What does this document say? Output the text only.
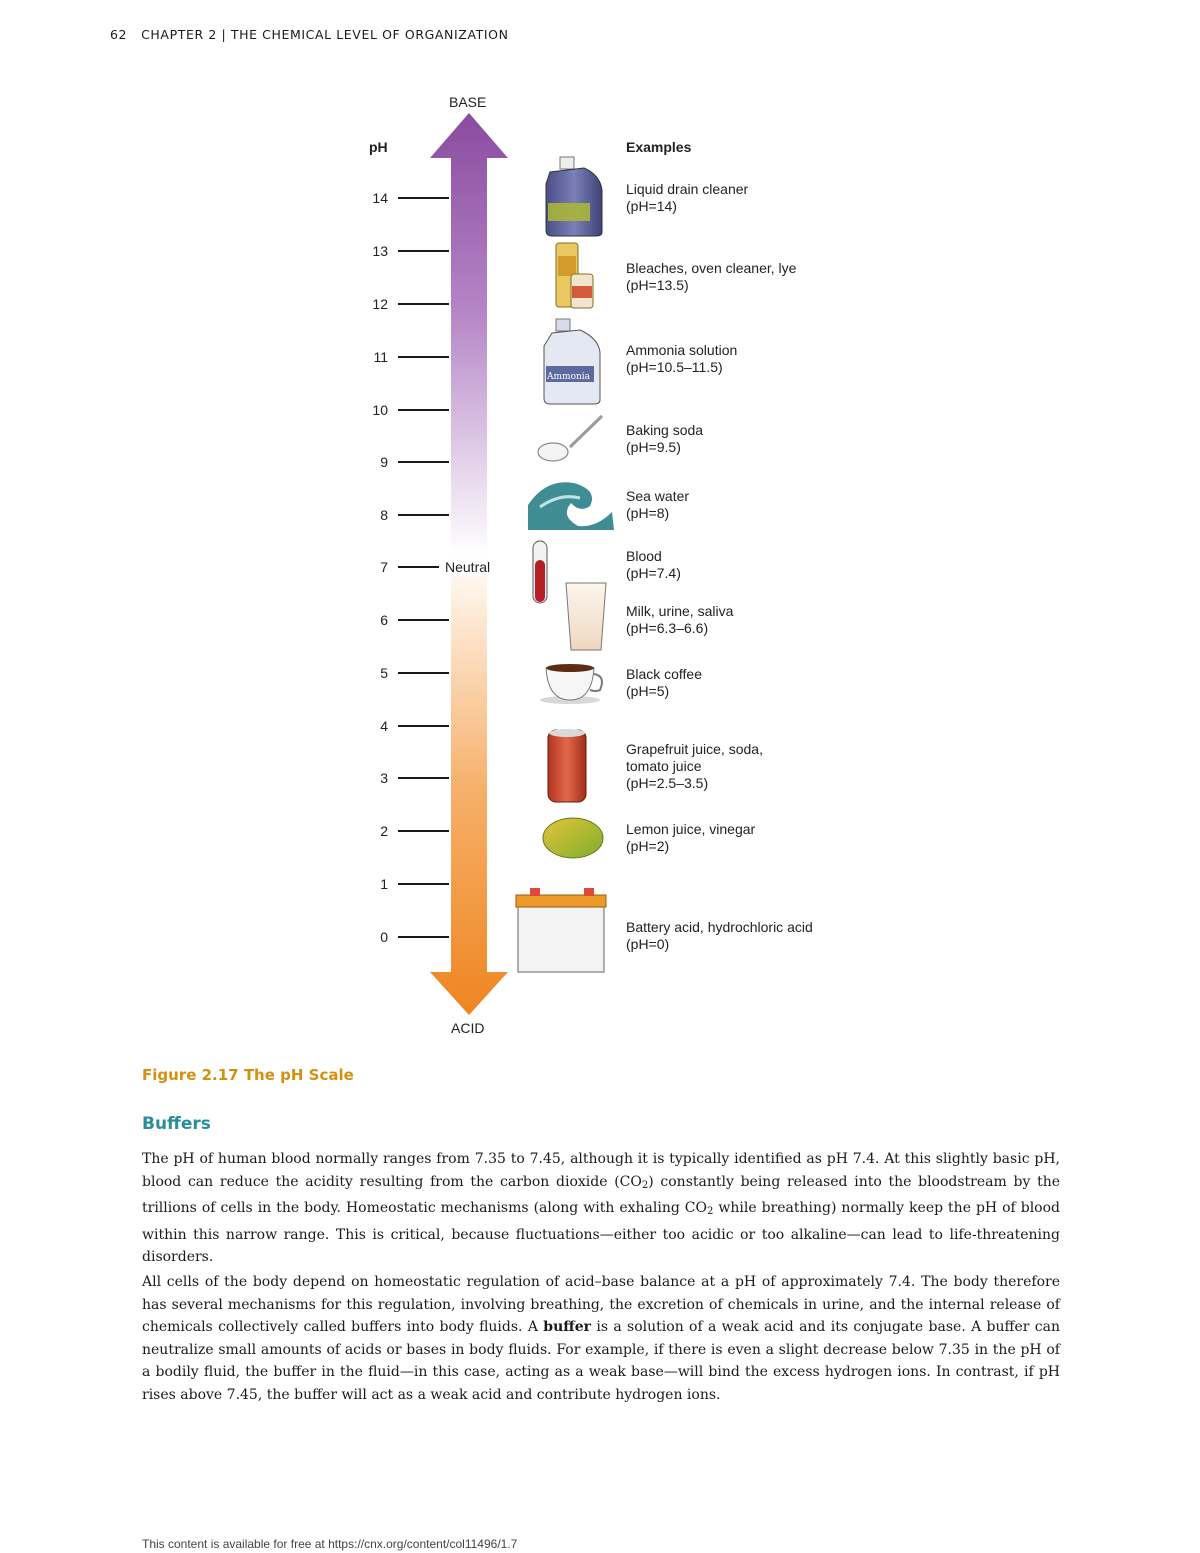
62 CHAPTER 2 | THE CHEMICAL LEVEL OF ORGANIZATION
BASE
ACID
pH	Examples
Neutral
Ammonia
14
13
12
11
10
9
8
7
6
5
4
3
2
1
0
Liquid drain cleaner
(pH=14)
Bleaches, oven cleaner, lye
(pH=13.5)
Ammonia solution
(pH=10.5–11.5)
Baking soda
(pH=9.5)
Sea water
(pH=8)
Blood
(pH=7.4)
Milk, urine, saliva
(pH=6.3–6.6)
Black coffee
(pH=5)
Grapefruit juice, soda, tomato juice
(pH=2.5–3.5)
Lemon juice, vinegar
(pH=2)
Battery acid, hydrochloric acid
(pH=0)
Figure 2.17 The pH Scale
Buffers
The pH of human blood normally ranges from 7.35 to 7.45, although it is typically identified as pH 7.4. At this slightly basic pH, blood can reduce the acidity resulting from the carbon dioxide $(CO_2)$ constantly being released into the bloodstream by the trillions of cells in the body. Homeostatic mechanisms (along with exhaling $CO_2$ while breathing) normally keep the pH of blood within this narrow range. This is critical, because fluctuations—either too acidic or too alkaline—can lead to life-threatening disorders.
All cells of the body depend on homeostatic regulation of acid–base balance at a pH of approximately 7.4. The body therefore has several mechanisms for this regulation, involving breathing, the excretion of chemicals in urine, and the internal release of chemicals collectively called buffers into body fluids. A buffer is a solution of a weak acid and its conjugate base. A buffer can neutralize small amounts of acids or bases in body fluids. For example, if there is even a slight decrease below 7.35 in the pH of a bodily fluid, the buffer in the fluid—in this case, acting as a weak base—will bind the excess hydrogen ions. In contrast, if pH rises above 7.45, the buffer will act as a weak acid and contribute hydrogen ions.
This content is available for free at https://cnx.org/content/col11496/1.7
